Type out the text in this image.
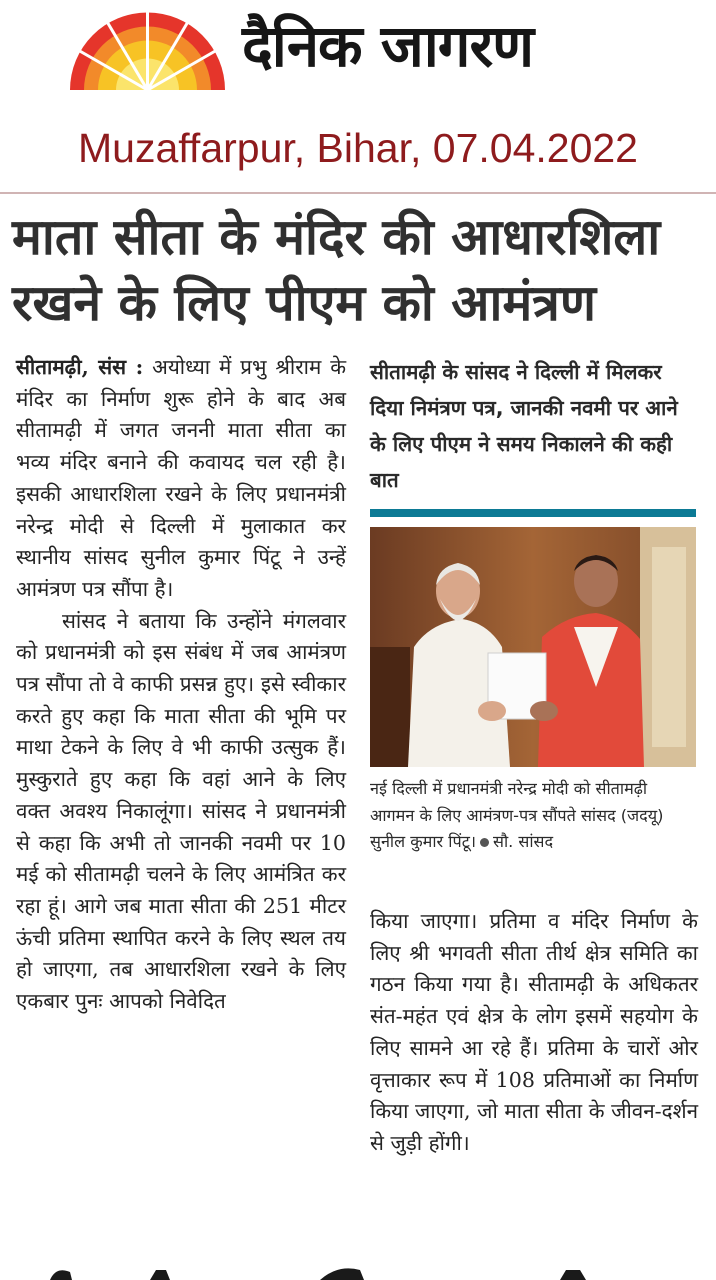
दैनिक जागरण
Muzaffarpur, Bihar, 07.04.2022
माता सीता के मंदिर की आधारशिला
रखने के लिए पीएम को आमंत्रण

सीतामढ़ी, संस : अयोध्या में प्रभु श्रीराम के मंदिर का निर्माण शुरू होने के बाद अब सीतामढ़ी में जगत जननी माता सीता का भव्य मंदिर बनाने की कवायद चल रही है। इसकी आधारशिला रखने के लिए प्रधानमंत्री नरेन्द्र मोदी से दिल्ली में मुलाकात कर स्थानीय सांसद सुनील कुमार पिंटू ने उन्हें आमंत्रण पत्र सौंपा है।

सांसद ने बताया कि उन्होंने मंगलवार को प्रधानमंत्री को इस संबंध में जब आमंत्रण पत्र सौंपा तो वे काफी प्रसन्न हुए। इसे स्वीकार करते हुए कहा कि माता सीता की भूमि पर माथा टेकने के लिए वे भी काफी उत्सुक हैं। मुस्कुराते हुए कहा कि वहां आने के लिए वक्त अवश्य निकालूंगा। सांसद ने प्रधानमंत्री से कहा कि अभी तो जानकी नवमी पर 10 मई को सीतामढ़ी चलने के लिए आमंत्रित कर रहा हूं। आगे जब माता सीता की 251 मीटर ऊंची प्रतिमा स्थापित करने के लिए स्थल तय हो जाएगा, तब आधारशिला रखने के लिए एकबार पुनः आपको निवेदित

सीतामढ़ी के सांसद ने दिल्ली में मिलकर दिया निमंत्रण पत्र, जानकी नवमी पर आने के लिए पीएम ने समय निकालने की कही बात
नई दिल्ली में प्रधानमंत्री नरेन्द्र मोदी को सीतामढ़ी आगमन के लिए आमंत्रण-पत्र सौंपते सांसद (जदयू) सुनील कुमार पिंटू। सौ. सांसद

किया जाएगा। प्रतिमा व मंदिर निर्माण के लिए श्री भगवती सीता तीर्थ क्षेत्र समिति का गठन किया गया है। सीतामढ़ी के अधिकतर संत-महंत एवं क्षेत्र के लोग इसमें सहयोग के लिए सामने आ रहे हैं। प्रतिमा के चारों ओर वृत्ताकार रूप में 108 प्रतिमाओं का निर्माण किया जाएगा, जो माता सीता के जीवन-दर्शन से जुड़ी होंगी।
